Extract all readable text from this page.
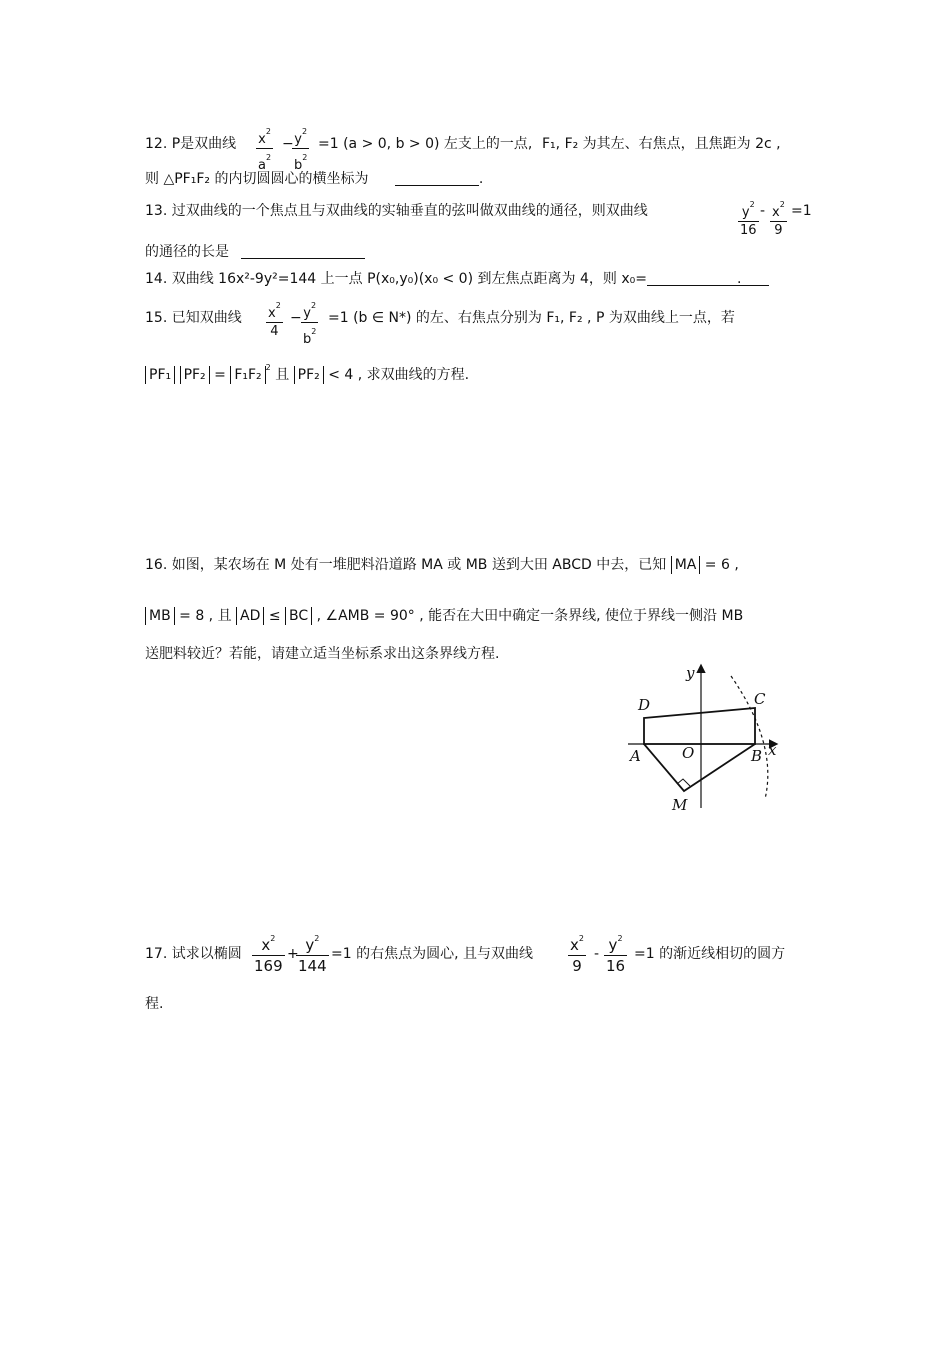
12. P是双曲线 $x^2$
$a^2$
− $y^2$
$b^2$
=1 (a > 0, b > 0) 左支上的一点, F₁, F₂ 为其左、右焦点，且焦距为 2c ,
则 △PF₁F₂ 的内切圆圆心的横坐标为	.
13. 过双曲线的一个焦点且与双曲线的实轴垂直的弦叫做双曲线的通径，则双曲线	$y^2$
16
- $x^2$
9
=1
的通径的长是
14. 双曲线 16x²-9y²=144 上一点 P(x₀,y₀)(x₀ < 0) 到左焦点距离为 4，则 x₀=	.
15. 已知双曲线 $x^2$
4
− $y^2$
$b^2$
=1 (b ∈ N*) 的左、右焦点分别为 F₁, F₂ , P 为双曲线上一点，若
PF₁ PF₂ = F₁F₂ $^2$ 且 PF₂ < 4 , 求双曲线的方程.
16. 如图，某农场在 M 处有一堆肥料沿道路 MA 或 MB 送到大田 ABCD 中去，已知 MA = 6 ,
MB = 8 , 且 AD ≤ BC , ∠AMB = 90° , 能否在大田中确定一条界线, 使位于界线一侧沿 MB
送肥料较近？若能，请建立适当坐标系求出这条界线方程.
y
D	C
A	O	B x
M
17. 试求以椭圆	$x^2$
169
+ $y^2$
144
=1 的右焦点为圆心, 且与双曲线 $x^2$
9
- $y^2$
16
=1 的渐近线相切的圆方
程.
